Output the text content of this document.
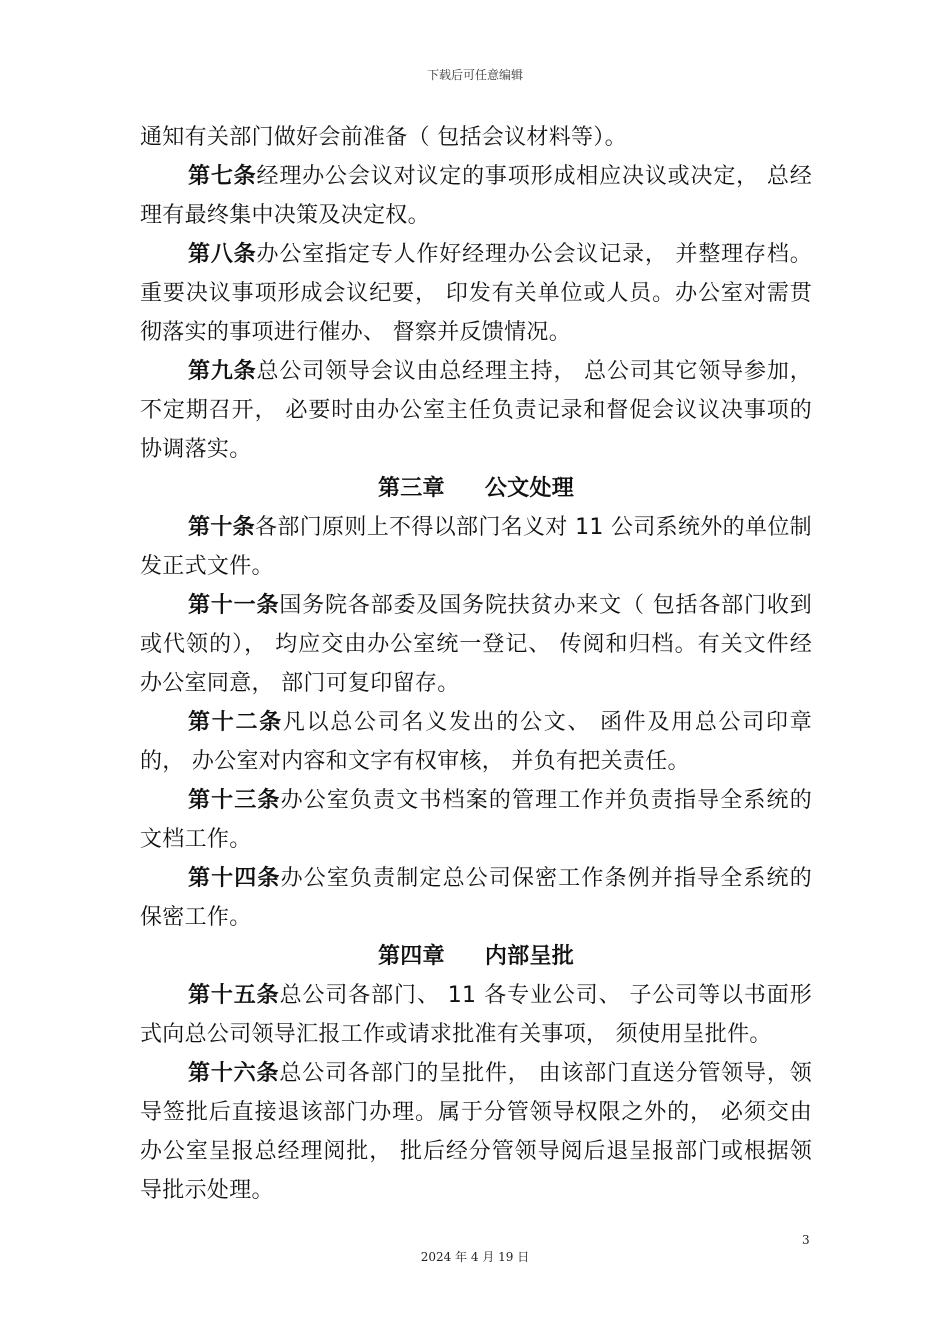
下载后可任意编辑

通知有关部门做好会前准备（ 包括会议材料等）。

第七条经理办公会议对议定的事项形成相应决议或决定， 总经理有最终集中决策及决定权。

第八条办公室指定专人作好经理办公会议记录， 并整理存档。重要决议事项形成会议纪要， 印发有关单位或人员。办公室对需贯彻落实的事项进行催办、 督察并反馈情况。

第九条总公司领导会议由总经理主持， 总公司其它领导参加，不定期召开， 必要时由办公室主任负责记录和督促会议议决事项的协调落实。

第三章 公文处理

第十条各部门原则上不得以部门名义对 11 公司系统外的单位制发正式文件。

第十一条国务院各部委及国务院扶贫办来文（ 包括各部门收到或代领的）， 均应交由办公室统一登记、 传阅和归档。有关文件经办公室同意， 部门可复印留存。

第十二条凡以总公司名义发出的公文、 函件及用总公司印章的， 办公室对内容和文字有权审核， 并负有把关责任。

第十三条办公室负责文书档案的管理工作并负责指导全系统的文档工作。

第十四条办公室负责制定总公司保密工作条例并指导全系统的保密工作。

第四章 内部呈批

第十五条总公司各部门、 11 各专业公司、 子公司等以书面形式向总公司领导汇报工作或请求批准有关事项， 须使用呈批件。

第十六条总公司各部门的呈批件， 由该部门直送分管领导，领导签批后直接退该部门办理。属于分管领导权限之外的， 必须交由办公室呈报总经理阅批， 批后经分管领导阅后退呈报部门或根据领导批示处理。

3
2024 年 4 月 19 日
